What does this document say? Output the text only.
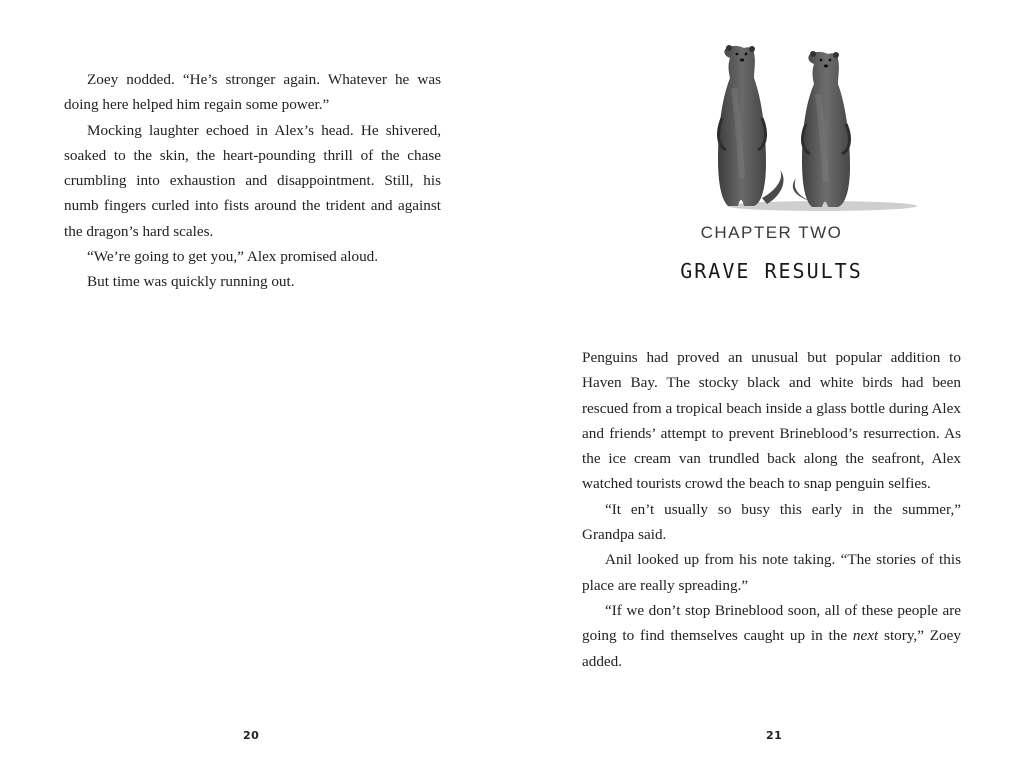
Zoey nodded. “He’s stronger again. Whatever he was doing here helped him regain some power.”

Mocking laughter echoed in Alex’s head. He shivered, soaked to the skin, the heart-pounding thrill of the chase crumbling into exhaustion and disappointment. Still, his numb fingers curled into fists around the trident and against the dragon’s hard scales.

“We’re going to get you,” Alex promised aloud.

But time was quickly running out.

20
CHAPTER TWO
GRAVE RESULTS

Penguins had proved an unusual but popular addition to Haven Bay. The stocky black and white birds had been rescued from a tropical beach inside a glass bottle during Alex and friends’ attempt to prevent Brineblood’s resurrection. As the ice cream van trundled back along the seafront, Alex watched tourists crowd the beach to snap penguin selfies.

“It en’t usually so busy this early in the summer,” Grandpa said.

Anil looked up from his note taking. “The stories of this place are really spreading.”

“If we don’t stop Brineblood soon, all of these people are going to find themselves caught up in the next story,” Zoey added.

21
